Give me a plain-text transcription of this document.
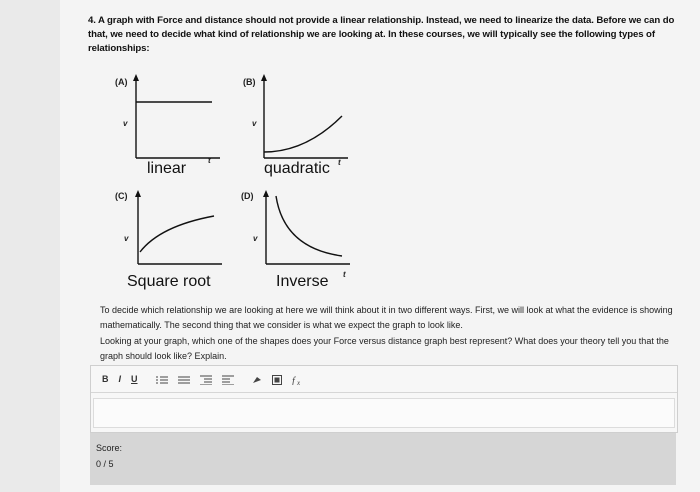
4. A graph with Force and distance should not provide a linear relationship. Instead, we need to linearize the data. Before we can do that, we need to decide what kind of relationship we are looking at. In these courses, we will typically see the following types of relationships:
(A)
v
t
linear
(B)
v
t
quadratic
(C)
v
Square root
(D)
v
t
Inverse
To decide which relationship we are looking at here we will think about it in two different ways. First, we will look at what the evidence is showing mathematically. The second thing that we consider is what we expect the graph to look like.
Looking at your graph, which one of the shapes does your Force versus distance graph best represent? What does your theory tell you that the graph should look like? Explain.
B	I	U	f x
Score:
0 / 5
